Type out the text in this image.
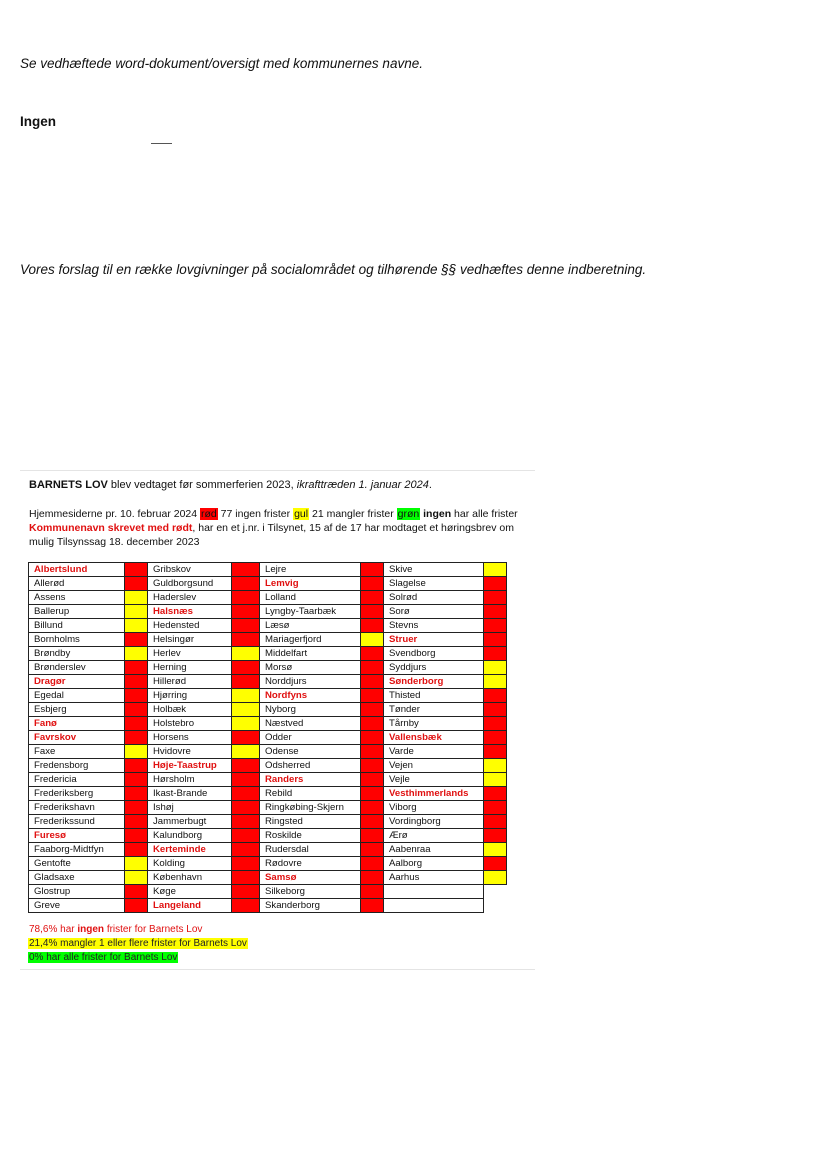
Se vedhæftede word-dokument/oversigt med kommunernes navne.
Ingen
Vores forslag til en række lovgivninger på socialområdet og tilhørende §§ vedhæftes denne indberetning.
BARNETS LOV blev vedtaget før sommerferien 2023, ikrafttræden 1. januar 2024.
Hjemmesiderne pr. 10. februar 2024 rød 77 ingen frister gul 21 mangler frister grøn ingen har alle frister
Kommunenavn skrevet med rødt, har en et j.nr. i Tilsynet, 15 af de 17 har modtaget et høringsbrev om
mulig Tilsynssag 18. december 2023
Albertslund		Gribskov		Lejre		Skive	
Allerød		Guldborgsund		Lemvig		Slagelse	
Assens		Haderslev		Lolland		Solrød	
Ballerup		Halsnæs		Lyngby-Taarbæk		Sorø	
Billund		Hedensted		Læsø		Stevns	
Bornholms		Helsingør		Mariagerfjord		Struer	
Brøndby		Herlev		Middelfart		Svendborg	
Brønderslev		Herning		Morsø		Syddjurs	
Dragør		Hillerød		Norddjurs		Sønderborg	
Egedal		Hjørring		Nordfyns		Thisted	
Esbjerg		Holbæk		Nyborg		Tønder	
Fanø		Holstebro		Næstved		Tårnby	
Favrskov		Horsens		Odder		Vallensbæk	
Faxe		Hvidovre		Odense		Varde	
Fredensborg		Høje-Taastrup		Odsherred		Vejen	
Fredericia		Hørsholm		Randers		Vejle	
Frederiksberg		Ikast-Brande		Rebild		Vesthimmerlands	
Frederikshavn		Ishøj		Ringkøbing-Skjern		Viborg	
Frederikssund		Jammerbugt		Ringsted		Vordingborg	
Furesø		Kalundborg		Roskilde		Ærø	
Faaborg-Midtfyn		Kerteminde		Rudersdal		Aabenraa	
Gentofte		Kolding		Rødovre		Aalborg	
Gladsaxe		København		Samsø		Aarhus	
Glostrup		Køge		Silkeborg			
Greve		Langeland		Skanderborg			
78,6% har ingen frister for Barnets Lov
21,4% mangler 1 eller flere frister for Barnets Lov
0% har alle frister for Barnets Lov
